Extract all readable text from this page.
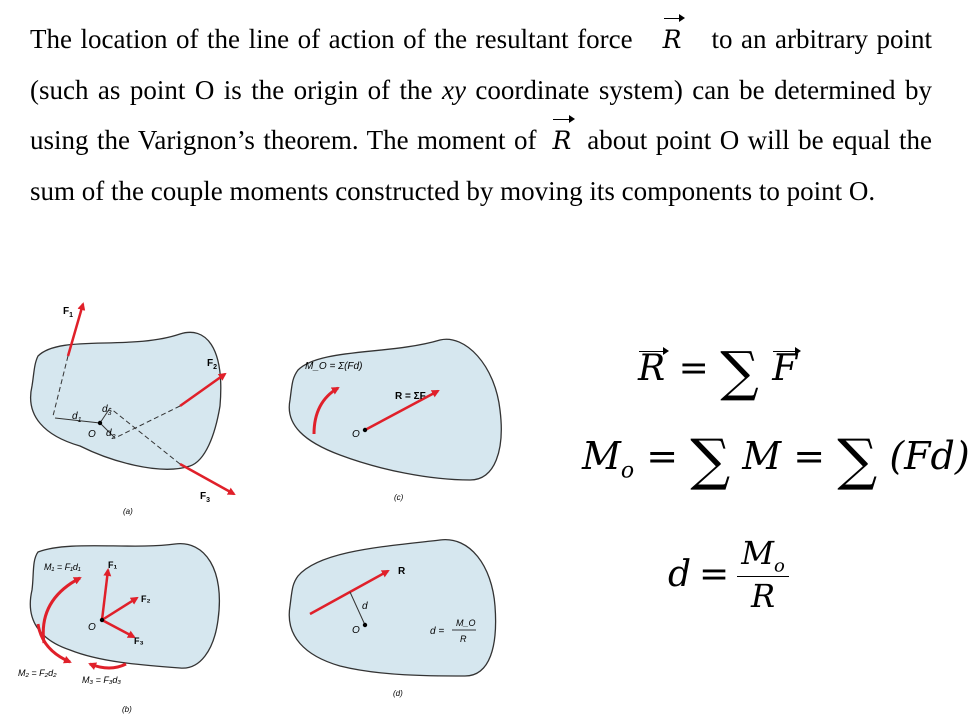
The location of the line of action of the resultant force R to an arbitrary point (such as point O is the origin of the xy coordinate system) can be determined by using the Varignon’s theorem. The moment of R about point O will be equal the sum of the couple moments constructed by moving its components to point O.

$F_1$
$F_2$
$F_3$
$d_1$
$d_2$
$d_3$
O
(a)
M_O = Σ(Fd)
R = ΣF
O
(c)
M₁ = F₁d₁	F₁
F₂
F₃
O
M₂ = F₂d₂
M₃ = F₃d₃
(b)
R
d
O	d =
M_O
R
(d)
R = ∑ F
$M_o$ = ∑ M = ∑ (Fd)
$d = \frac{M_o}{R}$
